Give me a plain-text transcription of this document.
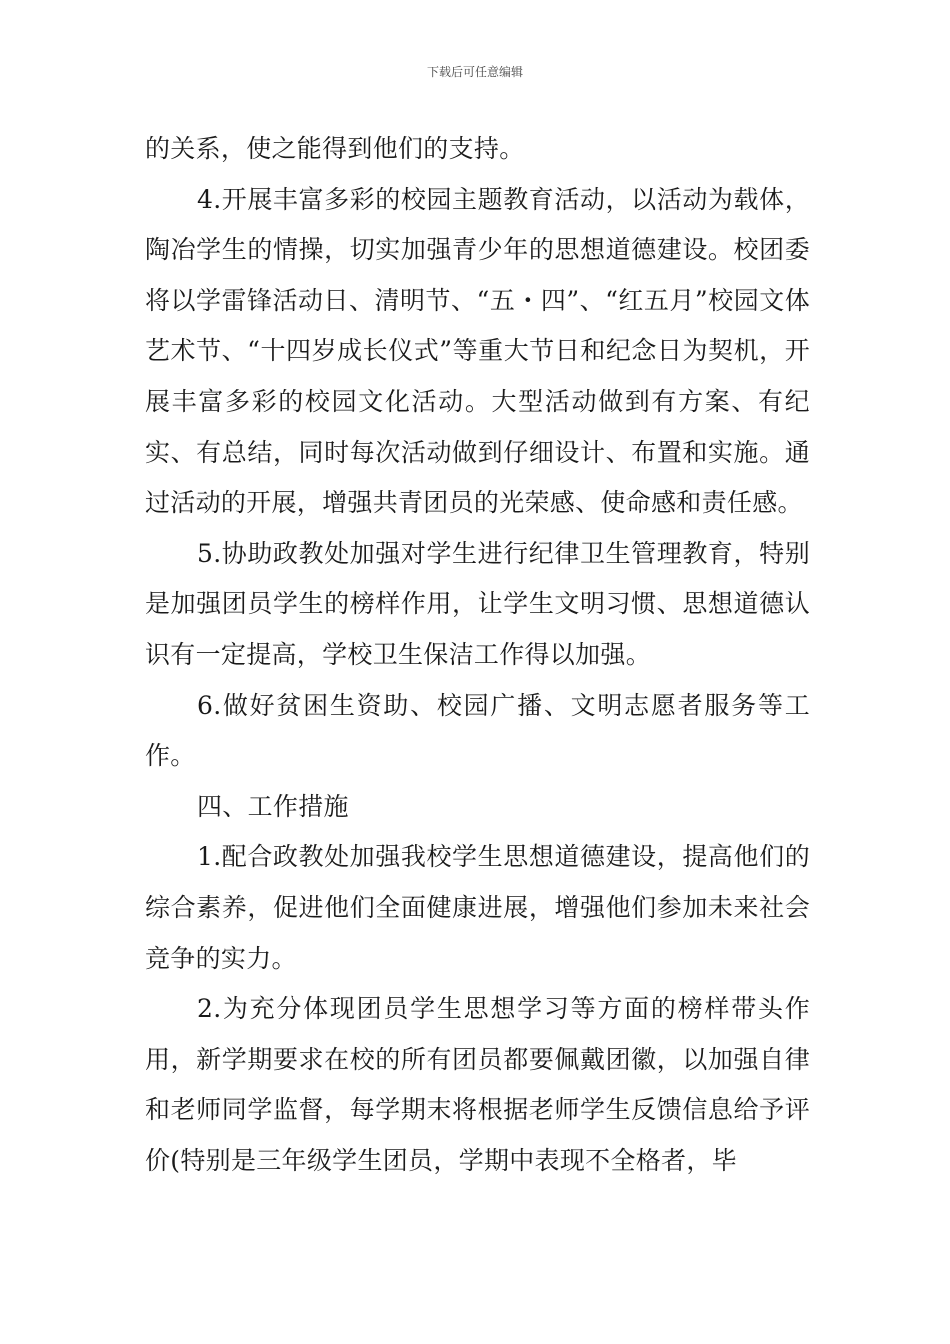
下载后可任意编辑

的关系，使之能得到他们的支持。

4.开展丰富多彩的校园主题教育活动，以活动为载体，陶冶学生的情操，切实加强青少年的思想道德建设。校团委将以学雷锋活动日、清明节、“五・四”、“红五月”校园文体艺术节、“十四岁成长仪式”等重大节日和纪念日为契机，开展丰富多彩的校园文化活动。大型活动做到有方案、有纪实、有总结，同时每次活动做到仔细设计、布置和实施。通过活动的开展，增强共青团员的光荣感、使命感和责任感。

5.协助政教处加强对学生进行纪律卫生管理教育，特别是加强团员学生的榜样作用，让学生文明习惯、思想道德认识有一定提高，学校卫生保洁工作得以加强。

6.做好贫困生资助、校园广播、文明志愿者服务等工作。

四、工作措施

1.配合政教处加强我校学生思想道德建设，提高他们的综合素养，促进他们全面健康进展，增强他们参加未来社会竞争的实力。

2.为充分体现团员学生思想学习等方面的榜样带头作用，新学期要求在校的所有团员都要佩戴团徽，以加强自律和老师同学监督，每学期末将根据老师学生反馈信息给予评价(特别是三年级学生团员，学期中表现不全格者，毕
